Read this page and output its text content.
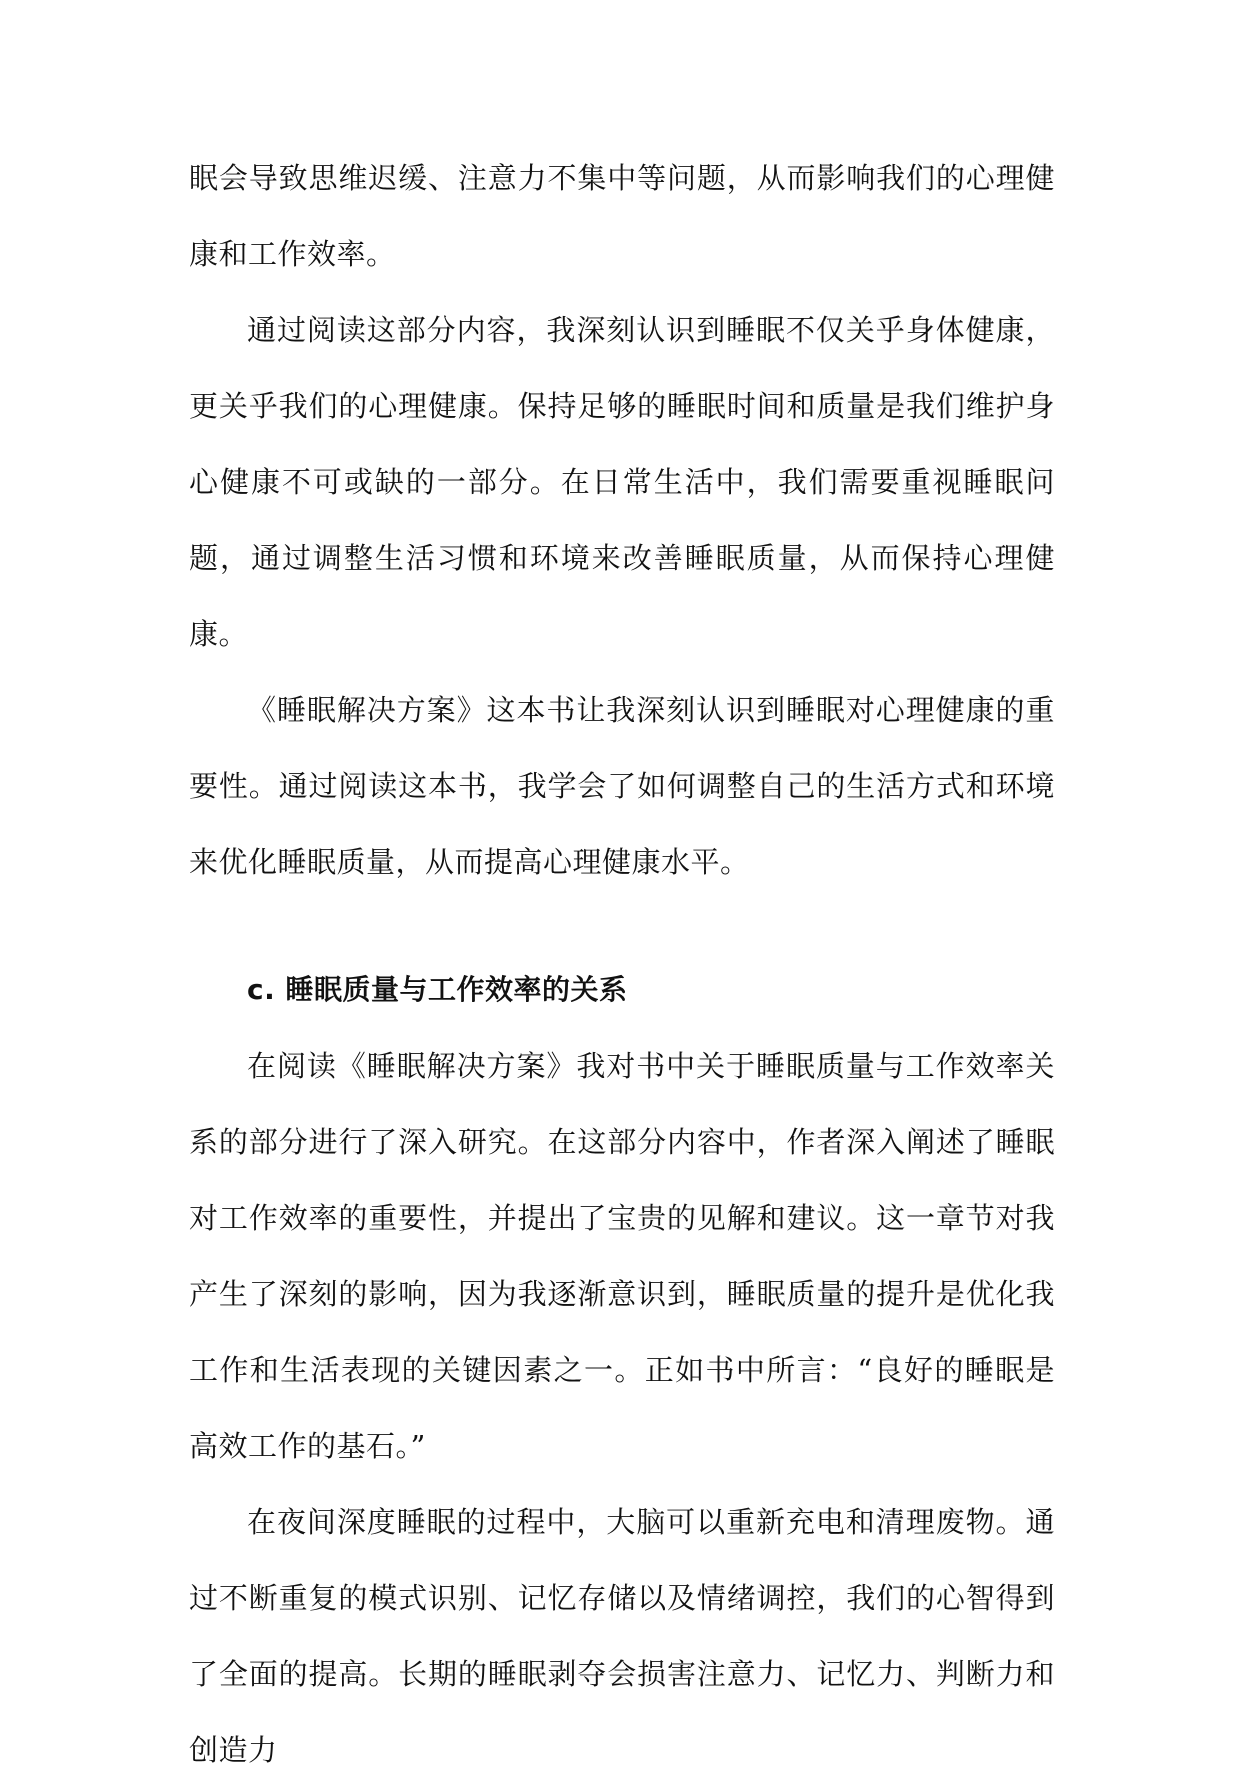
眠会导致思维迟缓、注意力不集中等问题，从而影响我们的心理健康和工作效率。

通过阅读这部分内容，我深刻认识到睡眠不仅关乎身体健康，更关乎我们的心理健康。保持足够的睡眠时间和质量是我们维护身心健康不可或缺的一部分。在日常生活中，我们需要重视睡眠问题，通过调整生活习惯和环境来改善睡眠质量，从而保持心理健康。

《睡眠解决方案》这本书让我深刻认识到睡眠对心理健康的重要性。通过阅读这本书，我学会了如何调整自己的生活方式和环境来优化睡眠质量，从而提高心理健康水平。

c. 睡眠质量与工作效率的关系

在阅读《睡眠解决方案》我对书中关于睡眠质量与工作效率关系的部分进行了深入研究。在这部分内容中，作者深入阐述了睡眠对工作效率的重要性，并提出了宝贵的见解和建议。这一章节对我产生了深刻的影响，因为我逐渐意识到，睡眠质量的提升是优化我工作和生活表现的关键因素之一。正如书中所言：“良好的睡眠是高效工作的基石。”

在夜间深度睡眠的过程中，大脑可以重新充电和清理废物。通过不断重复的模式识别、记忆存储以及情绪调控，我们的心智得到了全面的提高。长期的睡眠剥夺会损害注意力、记忆力、判断力和创造力
